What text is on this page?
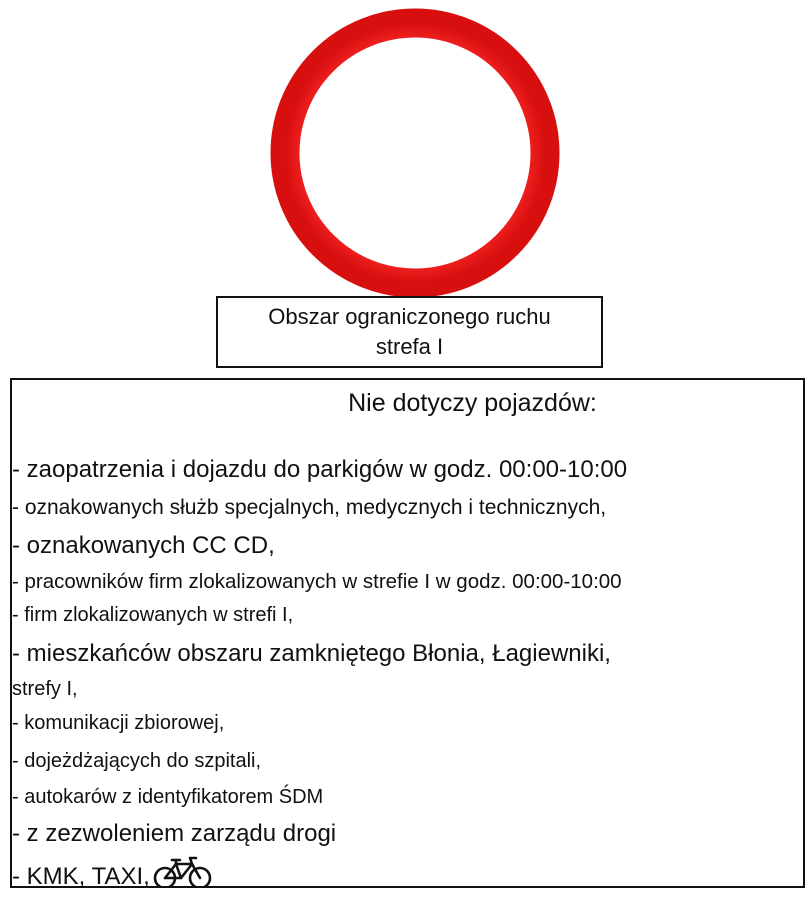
Obszar ograniczonego ruchu
strefa I
Nie dotyczy pojazdów:
- zaopatrzenia i dojazdu do parkigów w godz. 00:00-10:00
- oznakowanych służb specjalnych, medycznych i technicznych,
- oznakowanych CC CD,
- pracowników firm zlokalizowanych w strefie I w godz. 00:00-10:00
- firm zlokalizowanych w strefi I,
- mieszkańców obszaru zamkniętego Błonia, Łagiewniki,
strefy I,
- komunikacji zbiorowej,
- dojeżdżających do szpitali,
- autokarów z identyfikatorem ŚDM
- z zezwoleniem zarządu drogi
- KMK, TAXI,
